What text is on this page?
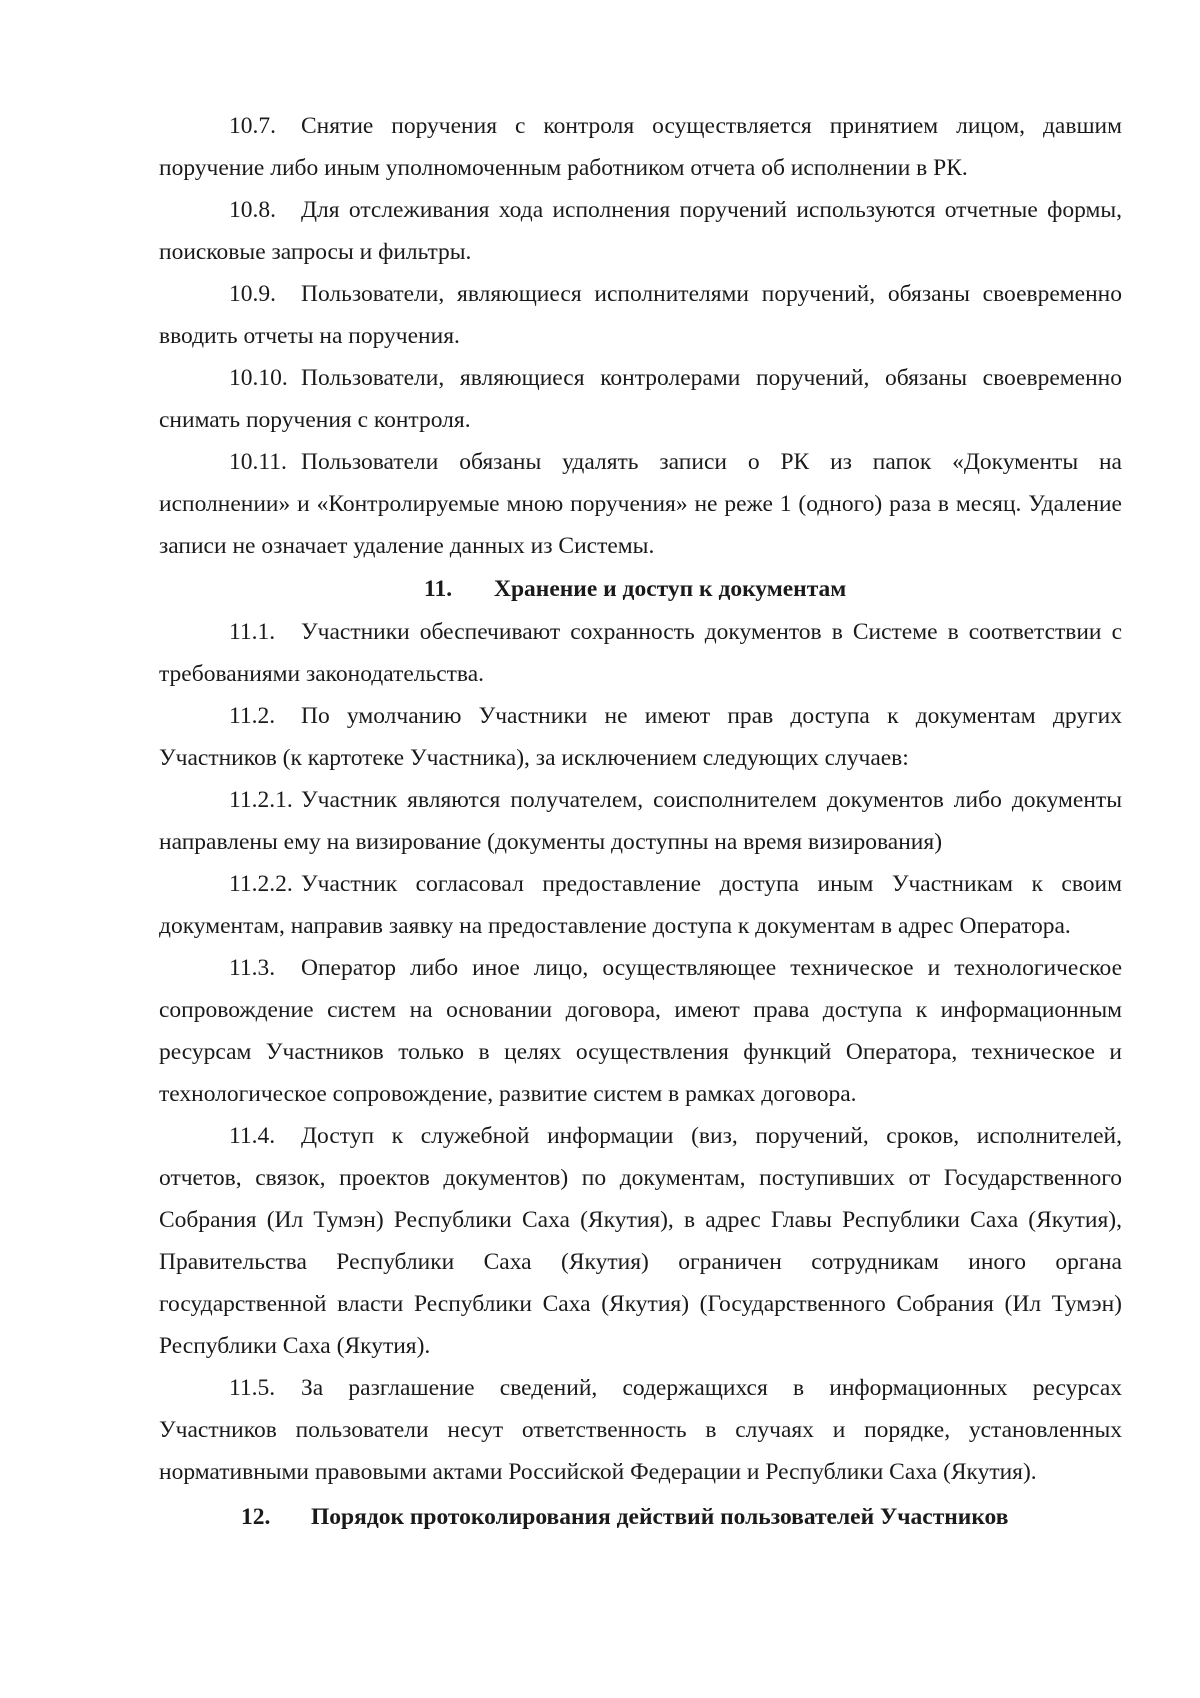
10.7. Снятие поручения с контроля осуществляется принятием лицом, давшим поручение либо иным уполномоченным работником отчета об исполнении в РК.

10.8. Для отслеживания хода исполнения поручений используются отчетные формы, поисковые запросы и фильтры.

10.9. Пользователи, являющиеся исполнителями поручений, обязаны своевременно вводить отчеты на поручения.

10.10. Пользователи, являющиеся контролерами поручений, обязаны своевременно снимать поручения с контроля.

10.11. Пользователи обязаны удалять записи о РК из папок «Документы на исполнении» и «Контролируемые мною поручения» не реже 1 (одного) раза в месяц. Удаление записи не означает удаление данных из Системы.

11. Хранение и доступ к документам

11.1. Участники обеспечивают сохранность документов в Системе в соответствии с требованиями законодательства.

11.2. По умолчанию Участники не имеют прав доступа к документам других Участников (к картотеке Участника), за исключением следующих случаев:

11.2.1. Участник являются получателем, соисполнителем документов либо документы направлены ему на визирование (документы доступны на время визирования)

11.2.2. Участник согласовал предоставление доступа иным Участникам к своим документам, направив заявку на предоставление доступа к документам в адрес Оператора.

11.3. Оператор либо иное лицо, осуществляющее техническое и технологическое сопровождение систем на основании договора, имеют права доступа к информационным ресурсам Участников только в целях осуществления функций Оператора, техническое и технологическое сопровождение, развитие систем в рамках договора.

11.4. Доступ к служебной информации (виз, поручений, сроков, исполнителей, отчетов, связок, проектов документов) по документам, поступивших от Государственного Собрания (Ил Тумэн) Республики Саха (Якутия), в адрес Главы Республики Саха (Якутия), Правительства Республики Саха (Якутия) ограничен сотрудникам иного органа государственной власти Республики Саха (Якутия) (Государственного Собрания (Ил Тумэн) Республики Саха (Якутия).

11.5. За разглашение сведений, содержащихся в информационных ресурсах Участников пользователи несут ответственность в случаях и порядке, установленных нормативными правовыми актами Российской Федерации и Республики Саха (Якутия).

12. Порядок протоколирования действий пользователей Участников
